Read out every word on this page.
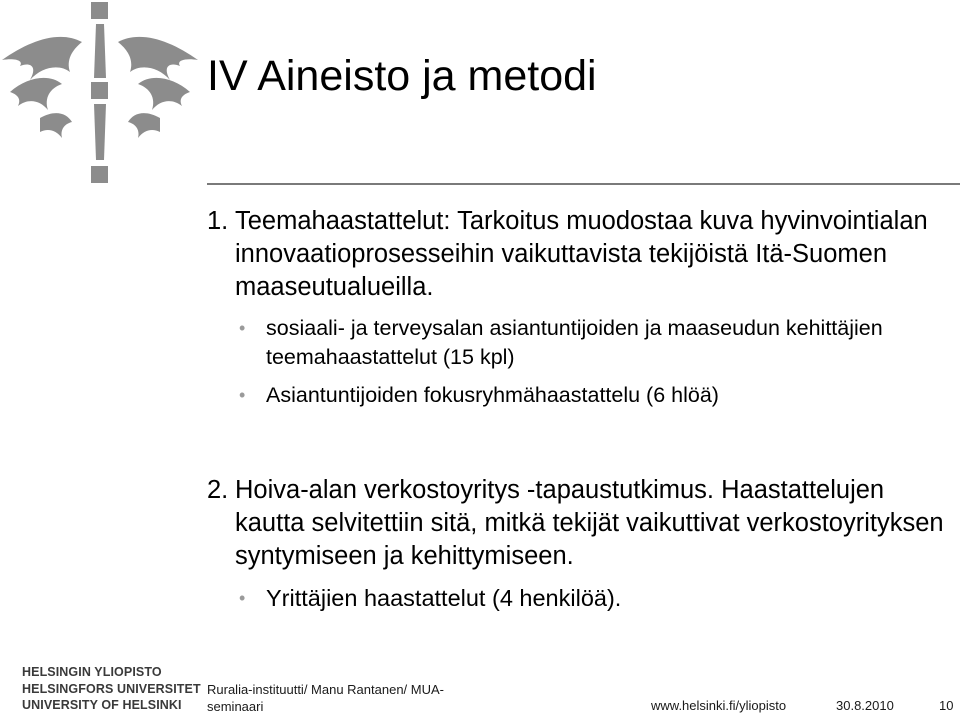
IV Aineisto ja metodi

1. Teemahaastattelut: Tarkoitus muodostaa kuva hyvinvointialan innovaatioprosesseihin vaikuttavista tekijöistä Itä-Suomen maaseutualueilla.

• sosiaali- ja terveysalan asiantuntijoiden ja maaseudun kehittäjien teemahaastattelut (15 kpl)

• Asiantuntijoiden fokusryhmähaastattelu (6 hlöä)

2. Hoiva-alan verkostoyritys -tapaustutkimus. Haastattelujen kautta selvitettiin sitä, mitkä tekijät vaikuttivat verkostoyrityksen syntymiseen ja kehittymiseen.

• Yrittäjien haastattelut (4 henkilöä).

HELSINGIN YLIOPISTO
HELSINGFORS UNIVERSITET
UNIVERSITY OF HELSINKI
Ruralia-instituutti/ Manu Rantanen/ MUA-seminaari	www.helsinki.fi/yliopisto	30.8.2010	10
